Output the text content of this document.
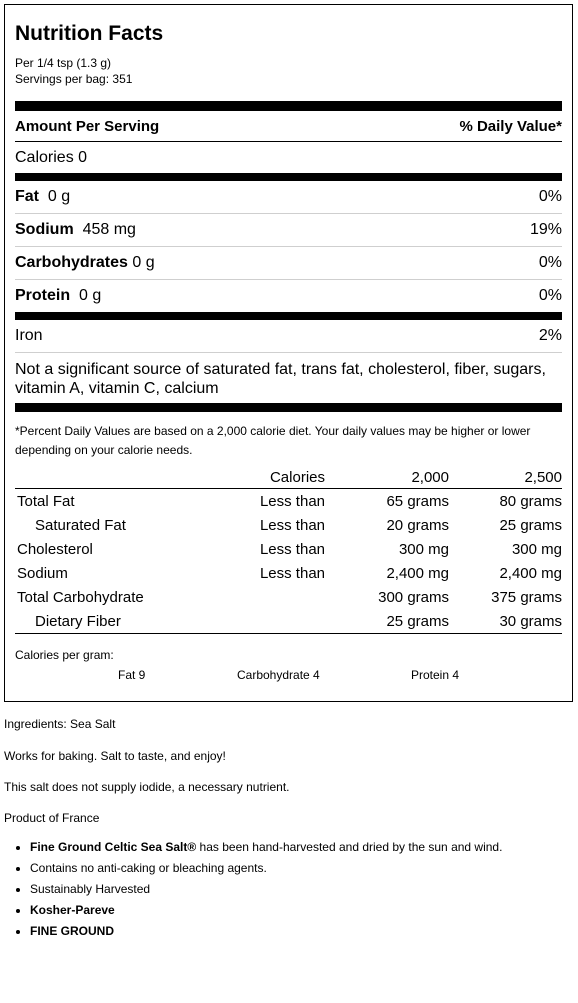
Nutrition Facts
Per 1/4 tsp (1.3 g)
Servings per bag: 351
Amount Per Serving	% Daily Value*
Calories 0
Fat 0 g	0%
Sodium 458 mg	19%
Carbohydrates 0 g	0%
Protein 0 g	0%
Iron	2%
Not a significant source of saturated fat, trans fat, cholesterol, fiber, sugars, vitamin A, vitamin C, calcium
*Percent Daily Values are based on a 2,000 calorie diet. Your daily values may be higher or lower depending on your calorie needs.
	Calories	2,000	2,500
Total Fat	Less than	65 grams	80 grams
Saturated Fat	Less than	20 grams	25 grams
Cholesterol	Less than	300 mg	300 mg
Sodium	Less than	2,400 mg	2,400 mg
Total Carbohydrate		300 grams	375 grams
Dietary Fiber		25 grams	30 grams
Calories per gram:
Fat 9	Carbohydrate 4	Protein 4
Ingredients: Sea Salt
Works for baking. Salt to taste, and enjoy!
This salt does not supply iodide, a necessary nutrient.
Product of France
• Fine Ground Celtic Sea Salt® has been hand-harvested and dried by the sun and wind.
• Contains no anti-caking or bleaching agents.
• Sustainably Harvested
• Kosher-Pareve
• FINE GROUND
